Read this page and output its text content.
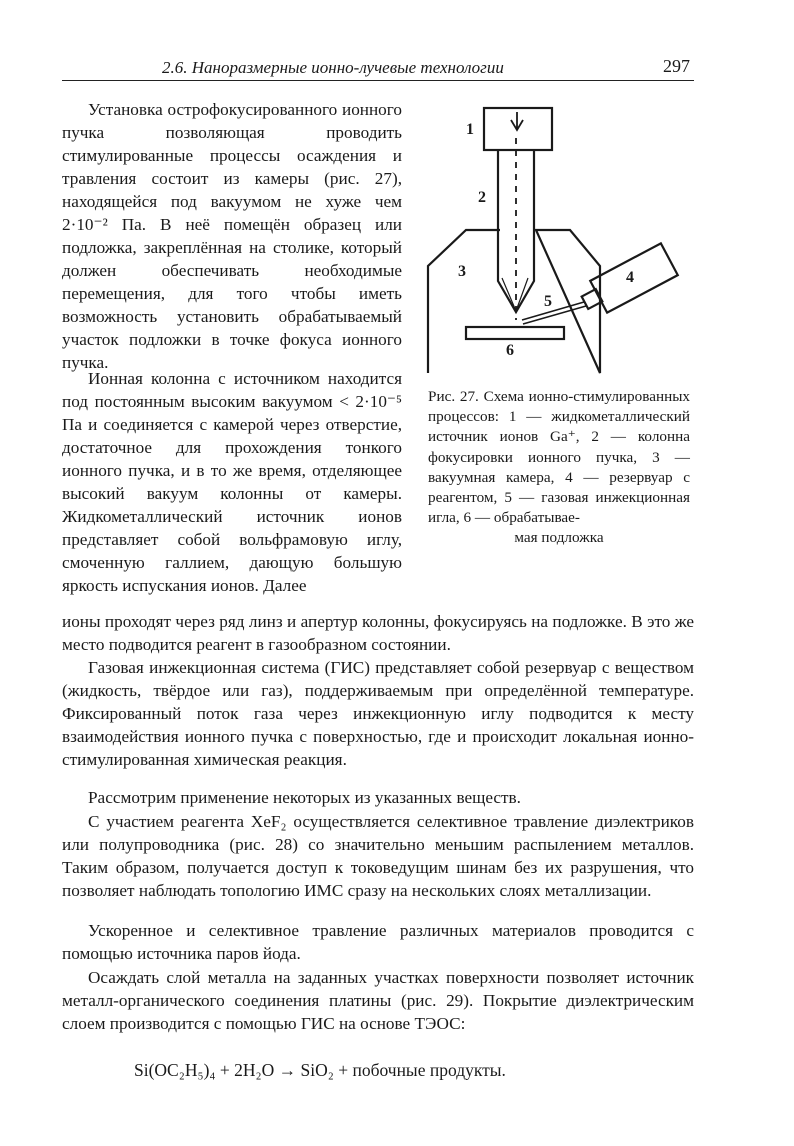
2.6. Наноразмерные ионно-лучевые технологии	297

Установка острофокусированного ионного пучка позволяющая проводить стимулированные процессы осаждения и травления состоит из камеры (рис. 27), находящейся под вакуумом не хуже чем 2·10⁻² Па. В неё помещён образец или подложка, закреплённая на столике, который должен обеспечивать необходимые перемещения, для того чтобы иметь возможность установить обрабатываемый участок подложки в точке фокуса ионного пучка.

Ионная колонна с источником находится под постоянным высоким вакуумом < 2·10⁻⁵ Па и соединяется с камерой через отверстие, достаточное для прохождения тонкого ионного пучка, и в то же время, отделяющее высокий вакуум колонны от камеры. Жидкометаллический источник ионов представляет собой вольфрамовую иглу, смоченную галлием, дающую большую яркость испускания ионов. Далее

ионы проходят через ряд линз и апертур колонны, фокусируясь на подложке. В это же место подводится реагент в газообразном состоянии.

Газовая инжекционная система (ГИС) представляет собой резервуар с веществом (жидкость, твёрдое или газ), поддерживаемым при определённой температуре. Фиксированный поток газа через инжекционную иглу подводится к месту взаимодействия ионного пучка с поверхностью, где и происходит локальная ионно-стимулированная химическая реакция.

Рассмотрим применение некоторых из указанных веществ.

С участием реагента XeF₂ осуществляется селективное травление диэлектриков или полупроводника (рис. 28) со значительно меньшим распылением металлов. Таким образом, получается доступ к токоведущим шинам без их разрушения, что позволяет наблюдать топологию ИМС сразу на нескольких слоях металлизации.

Ускоренное и селективное травление различных материалов проводится с помощью источника паров йода.

Осаждать слой металла на заданных участках поверхности позволяет источник металл-органического соединения платины (рис. 29). Покрытие диэлектрическим слоем производится с помощью ГИС на основе ТЭОС:

1
2
3	4
5
6

Рис. 27. Схема ионно-стимулированных процессов: 1 — жидкометаллический источник ионов Ga⁺, 2 — колонна фокусировки ионного пучка, 3 — вакуумная камера, 4 — резервуар с реагентом, 5 — газовая инжекционная игла, 6 — обрабатывае-
мая подложка

Si(OC₂H₅)₄ + 2H₂O → SiO₂ + побочные продукты.
